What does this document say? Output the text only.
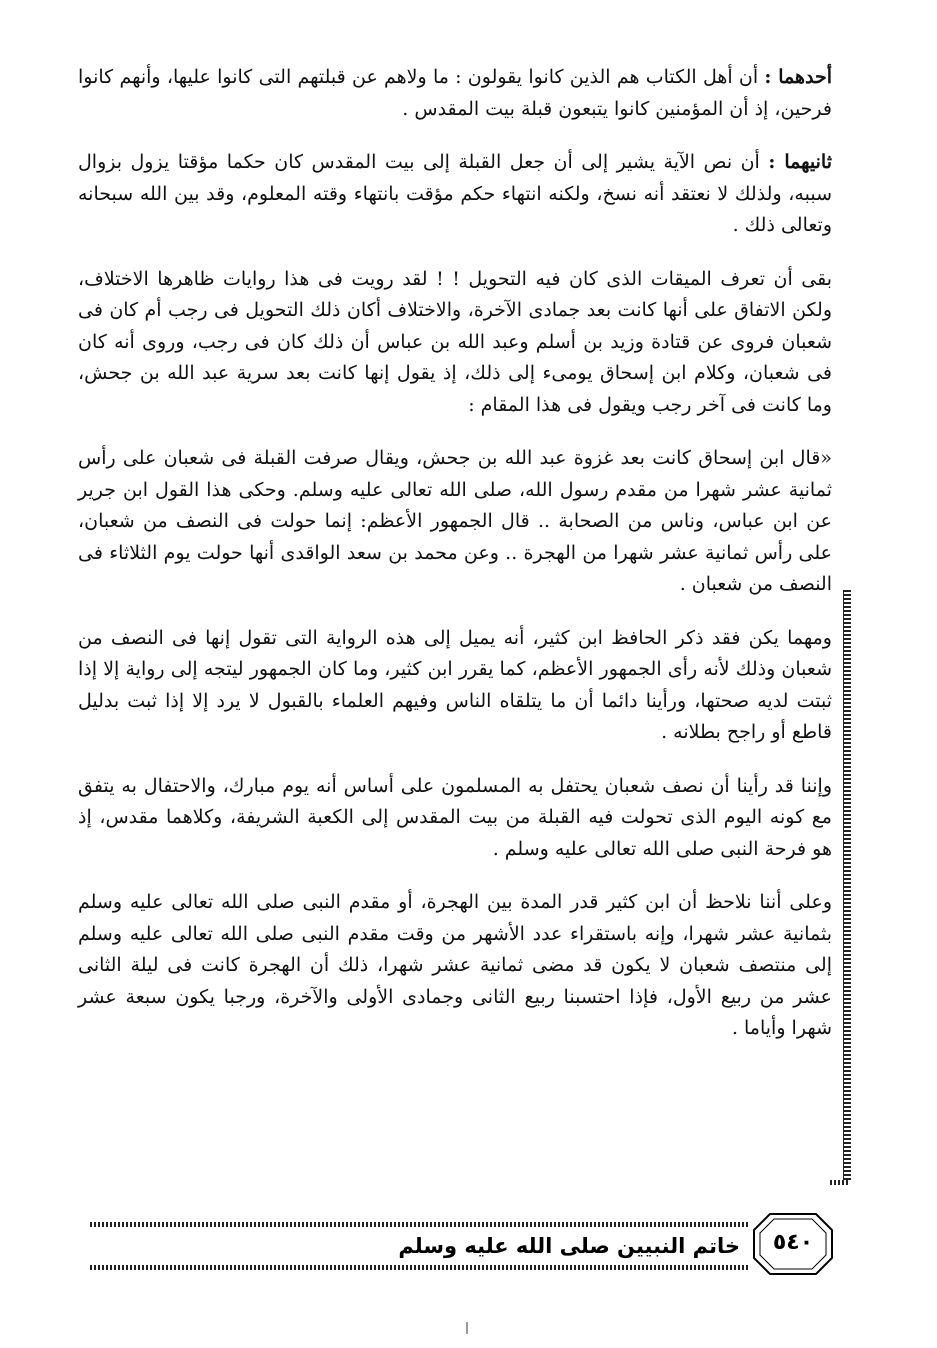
أحدهما : أن أهل الكتاب هم الذين كانوا يقولون : ما ولاهم عن قبلتهم التى كانوا عليها، وأنهم كانوا فرحين، إذ أن المؤمنين كانوا يتبعون قبلة بيت المقدس .

ثانيهما : أن نص الآية يشير إلى أن جعل القبلة إلى بيت المقدس كان حكما مؤقتا يزول بزوال سببه، ولذلك لا نعتقد أنه نسخ، ولكنه انتهاء حكم مؤقت بانتهاء وقته المعلوم، وقد بين الله سبحانه وتعالى ذلك .

بقى أن تعرف الميقات الذى كان فيه التحويل ! ! لقد رويت فى هذا روايات ظاهرها الاختلاف، ولكن الاتفاق على أنها كانت بعد جمادى الآخرة، والاختلاف أكان ذلك التحويل فى رجب أم كان فى شعبان فروى عن قتادة وزيد بن أسلم وعبد الله بن عباس أن ذلك كان فى رجب، وروى أنه كان فى شعبان، وكلام ابن إسحاق يومىء إلى ذلك، إذ يقول إنها كانت بعد سرية عبد الله بن جحش، وما كانت فى آخر رجب ويقول فى هذا المقام :

«قال ابن إسحاق كانت بعد غزوة عبد الله بن جحش، ويقال صرفت القبلة فى شعبان على رأس ثمانية عشر شهرا من مقدم رسول الله، صلى الله تعالى عليه وسلم. وحكى هذا القول ابن جرير عن ابن عباس، وناس من الصحابة .. قال الجمهور الأعظم: إنما حولت فى النصف من شعبان، على رأس ثمانية عشر شهرا من الهجرة .. وعن محمد بن سعد الواقدى أنها حولت يوم الثلاثاء فى النصف من شعبان .

ومهما يكن فقد ذكر الحافظ ابن كثير، أنه يميل إلى هذه الرواية التى تقول إنها فى النصف من شعبان وذلك لأنه رأى الجمهور الأعظم، كما يقرر ابن كثير، وما كان الجمهور ليتجه إلى رواية إلا إذا ثبتت لديه صحتها، ورأينا دائما أن ما يتلقاه الناس وفيهم العلماء بالقبول لا يرد إلا إذا ثبت بدليل قاطع أو راجح بطلانه .

وإننا قد رأينا أن نصف شعبان يحتفل به المسلمون على أساس أنه يوم مبارك، والاحتفال به يتفق مع كونه اليوم الذى تحولت فيه القبلة من بيت المقدس إلى الكعبة الشريفة، وكلاهما مقدس، إذ هو فرحة النبى صلى الله تعالى عليه وسلم .

وعلى أننا نلاحظ أن ابن كثير قدر المدة بين الهجرة، أو مقدم النبى صلى الله تعالى عليه وسلم بثمانية عشر شهرا، وإنه باستقراء عدد الأشهر من وقت مقدم النبى صلى الله تعالى عليه وسلم إلى منتصف شعبان لا يكون قد مضى ثمانية عشر شهرا، ذلك أن الهجرة كانت فى ليلة الثانى عشر من ربيع الأول، فإذا احتسبنا ربيع الثانى وجمادى الأولى والآخرة، ورجبا يكون سبعة عشر شهرا وأياما .

خاتم النبيين صلى الله عليه وسلم	٥٤٠
